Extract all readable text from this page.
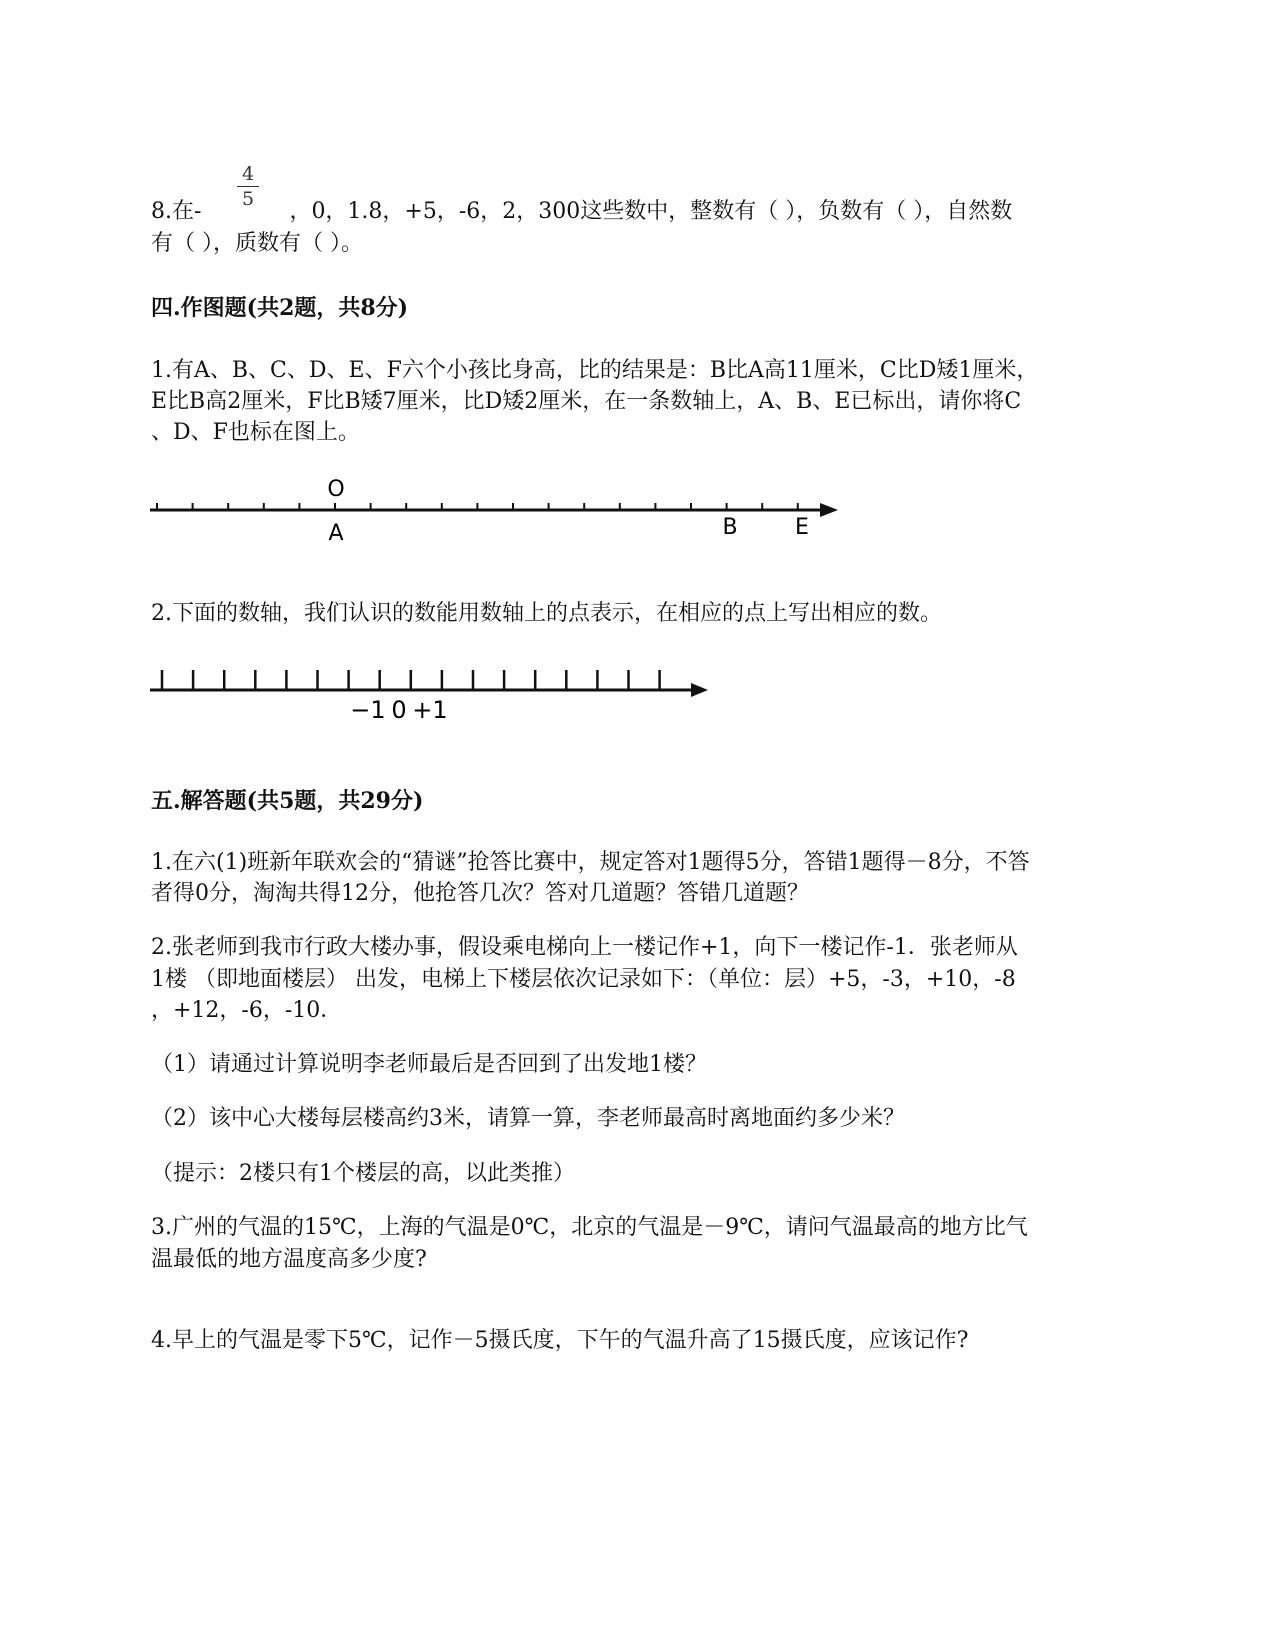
4
5

8.在-	，0，1.8，+5，-6，2，300这些数中，整数有（ ），负数有（ ），自然数

有（ ），质数有（ ）。

四.作图题(共2题，共8分)

1.有A、B、C、D、E、F六个小孩比身高，比的结果是：B比A高11厘米，C比D矮1厘米，

E比B高2厘米，F比B矮7厘米，比D矮2厘米，在一条数轴上，A、B、E已标出，请你将C

、D、F也标在图上。

O
A	B	E

2.下面的数轴，我们认识的数能用数轴上的点表示，在相应的点上写出相应的数。

−1 0 +1

五.解答题(共5题，共29分)

1.在六(1)班新年联欢会的“猜谜”抢答比赛中，规定答对1题得5分，答错1题得－8分，不答

者得0分，淘淘共得12分，他抢答几次？答对几道题？答错几道题？

2.张老师到我市行政大楼办事，假设乘电梯向上一楼记作+1，向下一楼记作-1．张老师从

1楼 （即地面楼层） 出发，电梯上下楼层依次记录如下：（单位：层）+5，-3，+10，-8

，+12，-6，-10．

（1）请通过计算说明李老师最后是否回到了出发地1楼？

（2）该中心大楼每层楼高约3米，请算一算，李老师最高时离地面约多少米？

（提示：2楼只有1个楼层的高，以此类推）

3.广州的气温的15℃，上海的气温是0℃，北京的气温是－9℃，请问气温最高的地方比气

温最低的地方温度高多少度?

4.早上的气温是零下5℃，记作－5摄氏度，下午的气温升高了15摄氏度，应该记作?
